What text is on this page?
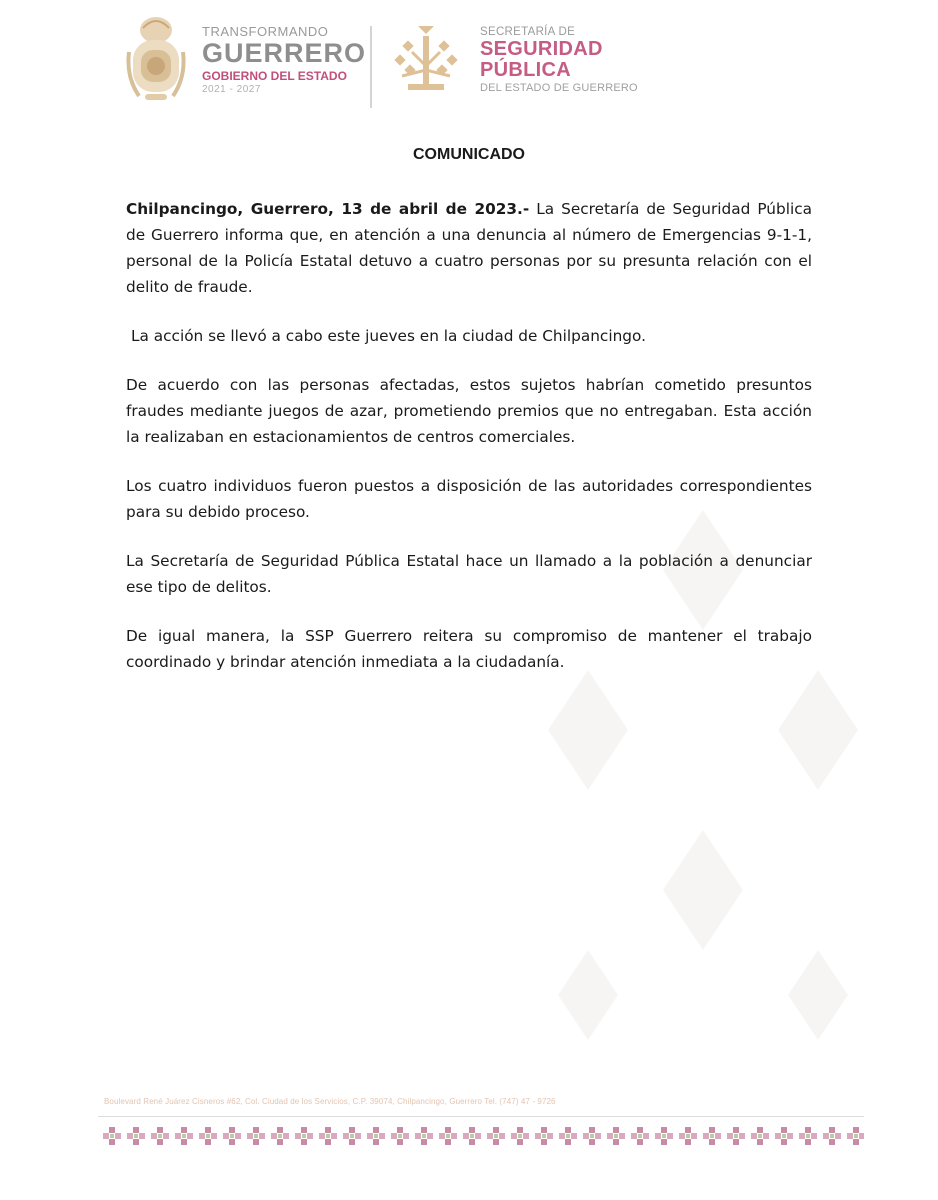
TRANSFORMANDO
GUERRERO
GOBIERNO DEL ESTADO
2021 - 2027
SECRETARÍA DE
SEGURIDAD
PÚBLICA
DEL ESTADO DE GUERRERO
COMUNICADO

Chilpancingo, Guerrero, 13 de abril de 2023.- La Secretaría de Seguridad Pública de Guerrero informa que, en atención a una denuncia al número de Emergencias 9-1-1, personal de la Policía Estatal detuvo a cuatro personas por su presunta relación con el delito de fraude.

La acción se llevó a cabo este jueves en la ciudad de Chilpancingo.

De acuerdo con las personas afectadas, estos sujetos habrían cometido presuntos fraudes mediante juegos de azar, prometiendo premios que no entregaban. Esta acción la realizaban en estacionamientos de centros comerciales.

Los cuatro individuos fueron puestos a disposición de las autoridades correspondientes para su debido proceso.

La Secretaría de Seguridad Pública Estatal hace un llamado a la población a denunciar ese tipo de delitos.

De igual manera, la SSP Guerrero reitera su compromiso de mantener el trabajo coordinado y brindar atención inmediata a la ciudadanía.

Boulevard René Juárez Cisneros #62, Col. Ciudad de los Servicios, C.P. 39074, Chilpancingo, Guerrero Tel. (747) 47 - 9726
